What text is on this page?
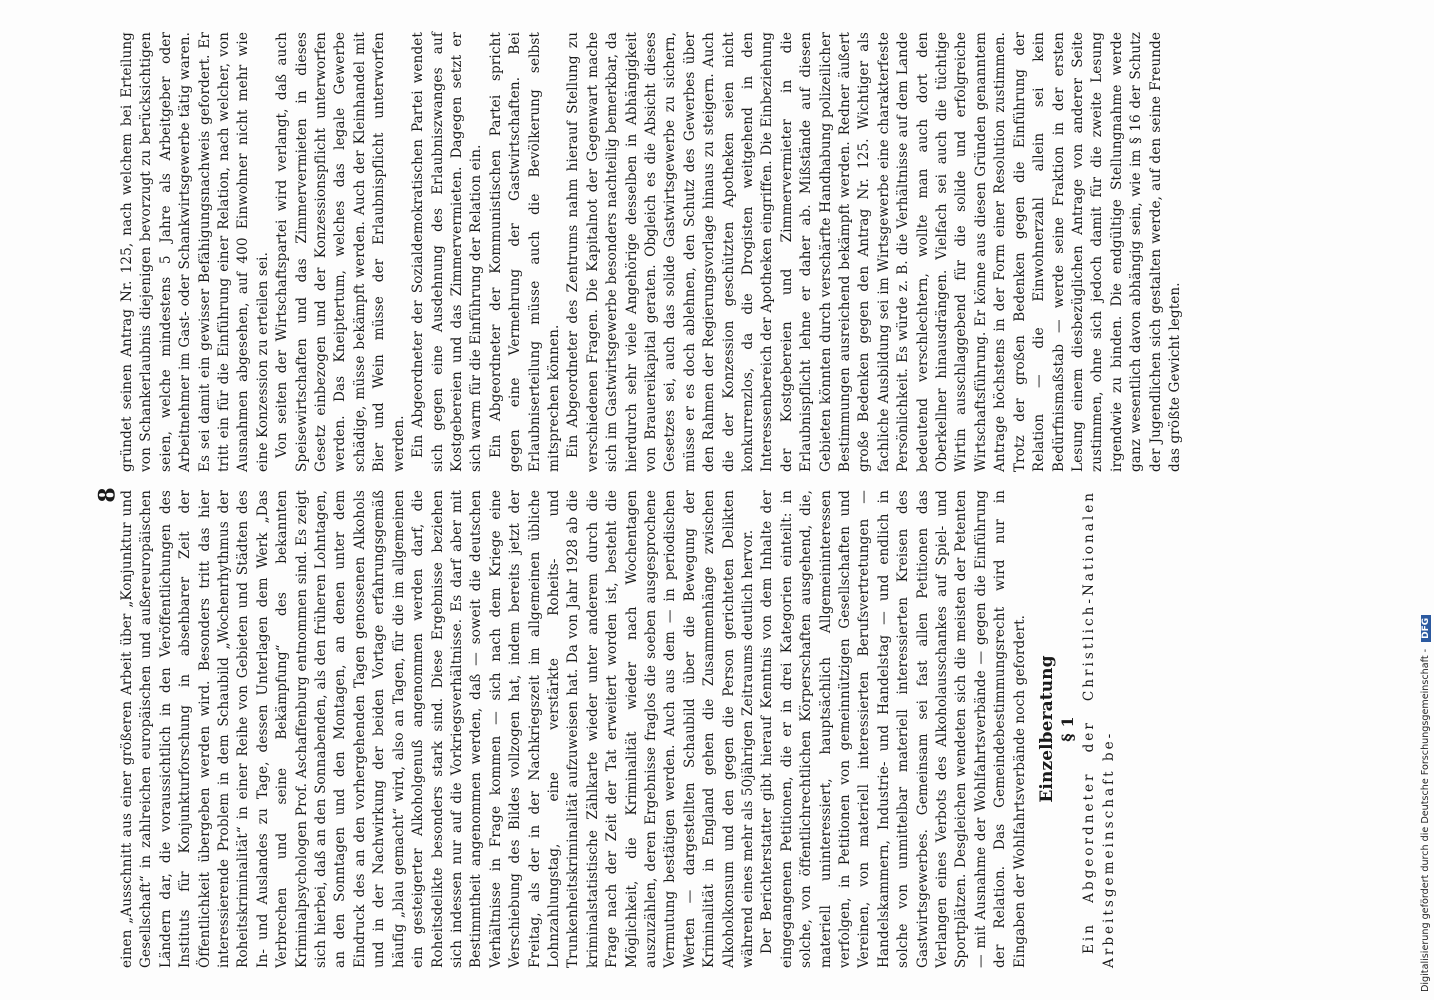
einen „Ausschnitt aus einer größeren Arbeit über „Konjunktur und Gesellschaft“ in zahlreichen europäischen und außereuropäischen Ländern dar, die voraussichtlich in den Veröffentlichungen des Instituts für Konjunkturforschung in absehbarer Zeit der Öffentlichkeit übergeben werden wird. Besonders tritt das hier interessierende Problem in dem Schaubild „Wochenrhythmus der Roheitskriminalität“ in einer Reihe von Gebieten und Städten des In- und Auslandes zu Tage, dessen Unterlagen dem Werk „Das Verbrechen und seine Bekämpfung“ des bekannten Kriminalpsychologen Prof. Aschaffenburg entnommen sind. Es zeigt sich hierbei, daß an den Sonnabenden, als den früheren Lohntagen, an den Sonntagen und den Montagen, an denen unter dem Eindruck des an den vorhergehenden Tagen genossenen Alkohols und in der Nachwirkung der beiden Vortage erfahrungsgemäß häufig „blau gemacht“ wird, also an Tagen, für die im allgemeinen ein gesteigerter Alkoholgenuß angenommen werden darf, die Roheitsdelikte besonders stark sind. Diese Ergebnisse beziehen sich indessen nur auf die Vorkriegsverhältnisse. Es darf aber mit Bestimmtheit angenommen werden, daß — soweit die deutschen Verhältnisse in Frage kommen — sich nach dem Kriege eine Verschiebung des Bildes vollzogen hat, indem bereits jetzt der Freitag, als der in der Nachkriegszeit im allgemeinen übliche Lohnzahlungstag, eine verstärkte Roheits- und Trunkenheitskriminalität aufzuweisen hat. Da von Jahr 1928 ab die kriminalstatistische Zählkarte wieder unter anderem durch die Frage nach der Zeit der Tat erweitert worden ist, besteht die Möglichkeit, die Kriminalität wieder nach Wochentagen auszuzählen, deren Ergebnisse fraglos die soeben ausgesprochene Vermutung bestätigen werden. Auch aus dem — in periodischen Werten — dargestellten Schaubild über die Bewegung der Kriminalität in England gehen die Zusammenhänge zwischen Alkoholkonsum und den gegen die Person gerichteten Delikten während eines mehr als 50jährigen Zeitraums deutlich hervor. Der Berichterstatter gibt hierauf Kenntnis von dem Inhalte der eingegangenen Petitionen, die er in drei Kategorien einteilt: in solche, von öffentlichrechtlichen Körperschaften ausgehend, die, materiell uninteressiert, hauptsächlich Allgemeininteressen verfolgen, in Petitionen von gemeinnützigen Gesellschaften und Vereinen, von materiell interessierten Berufsvertretungen — Handelskammern, Industrie- und Handelstag — und endlich in solche von unmittelbar materiell interessierten Kreisen des Gastwirtsgewerbes. Gemeinsam sei fast allen Petitionen das Verlangen eines Verbots des Alkoholausschankes auf Spiel- und Sportplätzen. Desgleichen wendeten sich die meisten der Petenten — mit Ausnahme der Wohlfahrtsverbände — gegen die Einführung der Relation. Das Gemeindebestimmungsrecht wird nur in Eingaben der Wohlfahrtsverbände noch gefordert. Einzelberatung § 1 Ein Abgeordneter der Christlich-Nationalen Arbeitsgemeinschaft be-

8

gründet seinen Antrag Nr. 125, nach welchem bei Erteilung von Schankerlaubnis diejenigen bevorzugt zu berücksichtigen seien, welche mindestens 5 Jahre als Arbeitgeber oder Arbeitnehmer im Gast- oder Schankwirtsgewerbe tätig waren. Es sei damit ein gewisser Befähigungsnachweis gefordert. Er tritt ein für die Einführung einer Relation, nach welcher, von Ausnahmen abgesehen, auf 400 Einwohner nicht mehr wie eine Konzession zu erteilen sei. Von seiten der Wirtschaftspartei wird verlangt, daß auch Speisewirtschaften und das Zimmervermieten in dieses Gesetz einbezogen und der Konzessionspflicht unterworfen werden. Das Kneiptertum, welches das legale Gewerbe schädige, müsse bekämpft werden. Auch der Kleinhandel mit Bier und Wein müsse der Erlaubnispflicht unterworfen werden. Ein Abgeordneter der Sozialdemokratischen Partei wendet sich gegen eine Ausdehnung des Erlaubniszwanges auf Kostgebereien und das Zimmervermieten. Dagegen setzt er sich warm für die Einführung der Relation ein. Ein Abgeordneter der Kommunistischen Partei spricht gegen eine Vermehrung der Gastwirtschaften. Bei Erlaubniserteilung müsse auch die Bevölkerung selbst mitsprechen können. Ein Abgeordneter des Zentrums nahm hierauf Stellung zu verschiedenen Fragen. Die Kapitalnot der Gegenwart mache sich im Gastwirtsgewerbe besonders nachteilig bemerkbar, da hierdurch sehr viele Angehörige desselben in Abhängigkeit von Brauereikapital geraten. Obgleich es die Absicht dieses Gesetzes sei, auch das solide Gastwirtsgewerbe zu sichern, müsse er es doch ablehnen, den Schutz des Gewerbes über den Rahmen der Regierungsvorlage hinaus zu steigern. Auch die der Konzession geschützten Apotheken seien nicht konkurrenzlos, da die Drogisten weitgehend in den Interessenbereich der Apotheken eingriffen. Die Einbeziehung der Kostgebereien und Zimmervermieter in die Erlaubnispflicht lehne er daher ab. Mißstände auf diesen Gebieten könnten durch verschärfte Handhabung polizeilicher Bestimmungen ausreichend bekämpft werden. Redner äußert große Bedenken gegen den Antrag Nr. 125. Wichtiger als fachliche Ausbildung sei im Wirtsgewerbe eine charakterfeste Persönlichkeit. Es würde z. B. die Verhältnisse auf dem Lande bedeutend verschlechtern, wollte man auch dort den Oberkellner hinausdrängen. Vielfach sei auch die tüchtige Wirtin ausschlaggebend für die solide und erfolgreiche Wirtschaftsführung. Er könne aus diesen Gründen genanntem Antrage höchstens in der Form einer Resolution zustimmen. Trotz der großen Bedenken gegen die Einführung der Relation — die Einwohnerzahl allein sei kein Bedürfnismaßstab — werde seine Fraktion in der ersten Lesung einem diesbezüglichen Antrage von anderer Seite zustimmen, ohne sich jedoch damit für die zweite Lesung irgendwie zu binden. Die endgültige Stellungnahme werde ganz wesentlich davon abhängig sein, wie im § 16 der Schutz der Jugendlichen sich gestalten werde, auf den seine Freunde das größte Gewicht legten.

Digitalisierung gefördert durch die Deutsche Forschungsgemeinschaft - DFG
